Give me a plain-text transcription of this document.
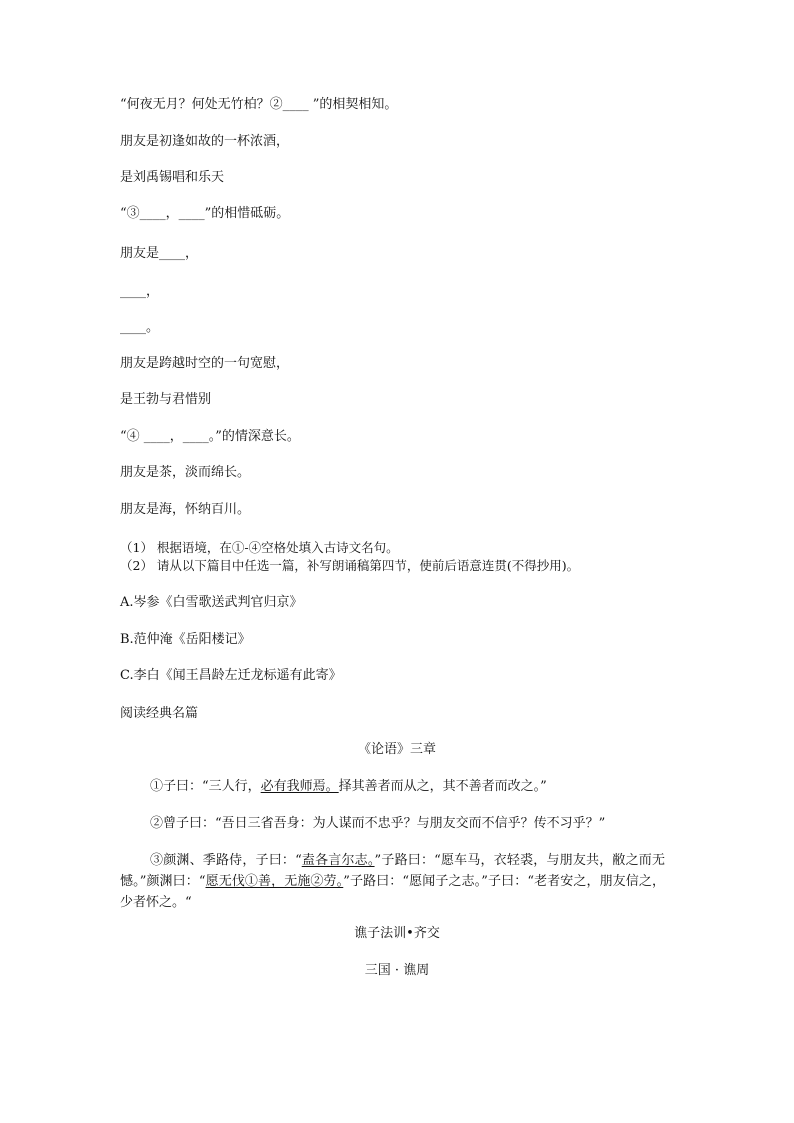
“何夜无月？何处无竹柏？②____ ”的相契相知。
朋友是初逢如故的一杯浓酒，
是刘禹锡唱和乐天
“③____，____”的相惜砥砺。
朋友是____，
____，
____。
朋友是跨越时空的一句宽慰，
是王勃与君惜别
“④ ____，____。”的情深意长。
朋友是茶，淡而绵长。
朋友是海，怀纳百川。
（1） 根据语境，在①-④空格处填入古诗文名句。
（2） 请从以下篇目中任选一篇，补写朗诵稿第四节，使前后语意连贯(不得抄用)。
A.岑参《白雪歌送武判官归京》
B.范仲淹《岳阳楼记》
C.李白《闻王昌龄左迁龙标遥有此寄》
阅读经典名篇
《论语》三章
①子曰：“三人行，必有我师焉。择其善者而从之，其不善者而改之。”
②曾子曰：“吾日三省吾身：为人谋而不忠乎？与朋友交而不信乎？传不习乎？”
③颜渊、季路侍，子曰：“盍各言尔志。”子路曰：“愿车马，衣轻裘，与朋友共，敝之而无憾。”颜渊曰：“愿无伐①善，无施②劳。”子路曰：“愿闻子之志。”子曰：“老者安之，朋友信之，少者怀之。“
谯子法训•齐交
三国 · 谯周
